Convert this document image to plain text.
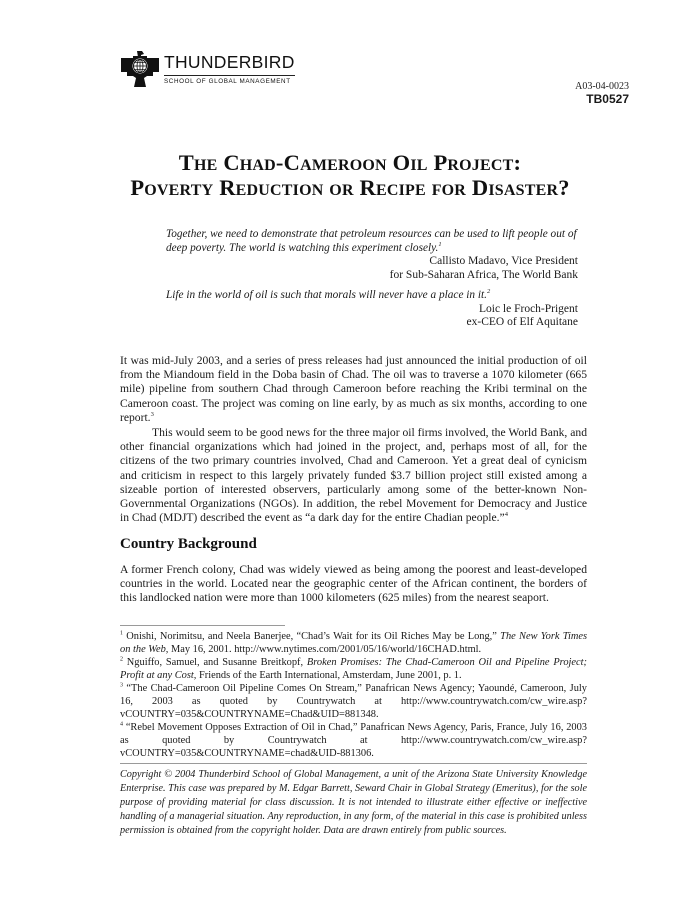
THUNDERBIRD
SCHOOL OF GLOBAL MANAGEMENT	A03-04-0023
TB0527
The Chad-Cameroon Oil Project:
Poverty Reduction or Recipe for Disaster?
Together, we need to demonstrate that petroleum resources can be used to lift people out of deep poverty. The world is watching this experiment closely.$^1$
Callisto Madavo, Vice President
for Sub-Saharan Africa, The World Bank
Life in the world of oil is such that morals will never have a place in it.$^2$
Loic le Froch-Prigent
ex-CEO of Elf Aquitane
It was mid-July 2003, and a series of press releases had just announced the initial production of oil from the Miandoum field in the Doba basin of Chad. The oil was to traverse a 1070 kilometer (665 mile) pipeline from southern Chad through Cameroon before reaching the Kribi terminal on the Cameroon coast. The project was coming on line early, by as much as six months, according to one report.$^3$
This would seem to be good news for the three major oil firms involved, the World Bank, and other financial organizations which had joined in the project, and, perhaps most of all, for the citizens of the two primary countries involved, Chad and Cameroon. Yet a great deal of cynicism and criticism in respect to this largely privately funded $3.7 billion project still existed among a sizeable portion of interested observers, particularly among some of the better-known Non-Governmental Organizations (NGOs). In addition, the rebel Movement for Democracy and Justice in Chad (MDJT) described the event as “a dark day for the entire Chadian people.”$^4$
Country Background
A former French colony, Chad was widely viewed as being among the poorest and least-developed countries in the world. Located near the geographic center of the African continent, the borders of this landlocked nation were more than 1000 kilometers (625 miles) from the nearest seaport.
$^1$ Onishi, Norimitsu, and Neela Banerjee, “Chad’s Wait for its Oil Riches May be Long,” The New York Times on the Web, May 16, 2001. http://www.nytimes.com/2001/05/16/world/16CHAD.html.
$^2$ Nguiffo, Samuel, and Susanne Breitkopf, Broken Promises: The Chad-Cameroon Oil and Pipeline Project; Profit at any Cost, Friends of the Earth International, Amsterdam, June 2001, p. 1.
$^3$ “The Chad-Cameroon Oil Pipeline Comes On Stream,” Panafrican News Agency; Yaoundé, Cameroon, July 16, 2003 as quoted by Countrywatch at http://www.countrywatch.com/cw_wire.asp?vCOUNTRY=035&COUNTRYNAME=Chad&UID=881348.
$^4$ “Rebel Movement Opposes Extraction of Oil in Chad,” Panafrican News Agency, Paris, France, July 16, 2003 as quoted by Countrywatch at http://www.countrywatch.com/cw_wire.asp?vCOUNTRY=035&COUNTRYNAME=chad&UID-881306.
Copyright © 2004 Thunderbird School of Global Management, a unit of the Arizona State University Knowledge Enterprise. This case was prepared by M. Edgar Barrett, Seward Chair in Global Strategy (Emeritus), for the sole purpose of providing material for class discussion. It is not intended to illustrate either effective or ineffective handling of a managerial situation. Any reproduction, in any form, of the material in this case is prohibited unless permission is obtained from the copyright holder. Data are drawn entirely from public sources.
